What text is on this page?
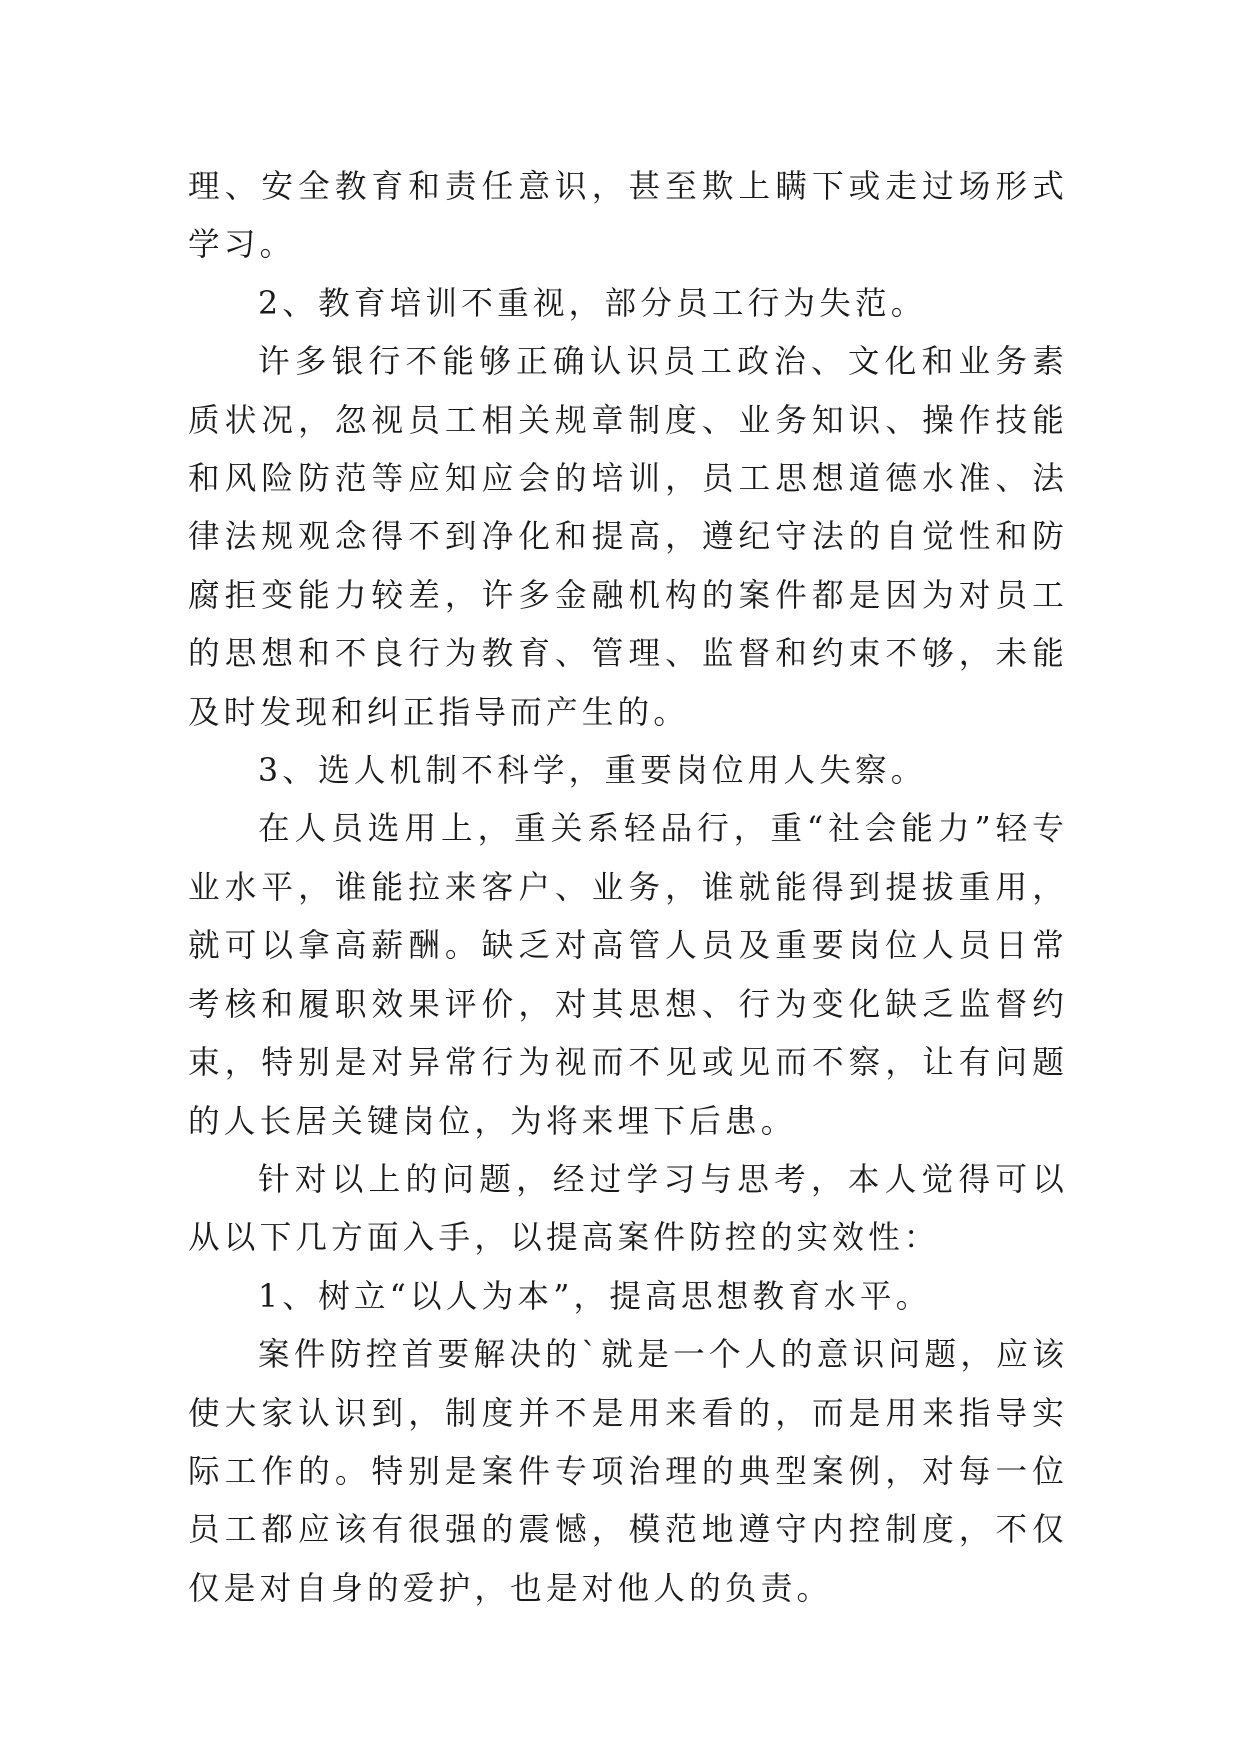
理、安全教育和责任意识，甚至欺上瞒下或走过场形式学习。

2、教育培训不重视，部分员工行为失范。

许多银行不能够正确认识员工政治、文化和业务素质状况，忽视员工相关规章制度、业务知识、操作技能和风险防范等应知应会的培训，员工思想道德水准、法律法规观念得不到净化和提高，遵纪守法的自觉性和防腐拒变能力较差，许多金融机构的案件都是因为对员工的思想和不良行为教育、管理、监督和约束不够，未能及时发现和纠正指导而产生的。

3、选人机制不科学，重要岗位用人失察。

在人员选用上，重关系轻品行，重“社会能力”轻专业水平，谁能拉来客户、业务，谁就能得到提拔重用，就可以拿高薪酬。缺乏对高管人员及重要岗位人员日常考核和履职效果评价，对其思想、行为变化缺乏监督约束，特别是对异常行为视而不见或见而不察，让有问题的人长居关键岗位，为将来埋下后患。

针对以上的问题，经过学习与思考，本人觉得可以从以下几方面入手，以提高案件防控的实效性：

1、树立“以人为本”，提高思想教育水平。

案件防控首要解决的`就是一个人的意识问题，应该使大家认识到，制度并不是用来看的，而是用来指导实际工作的。特别是案件专项治理的典型案例，对每一位员工都应该有很强的震憾，模范地遵守内控制度，不仅仅是对自身的爱护，也是对他人的负责。
